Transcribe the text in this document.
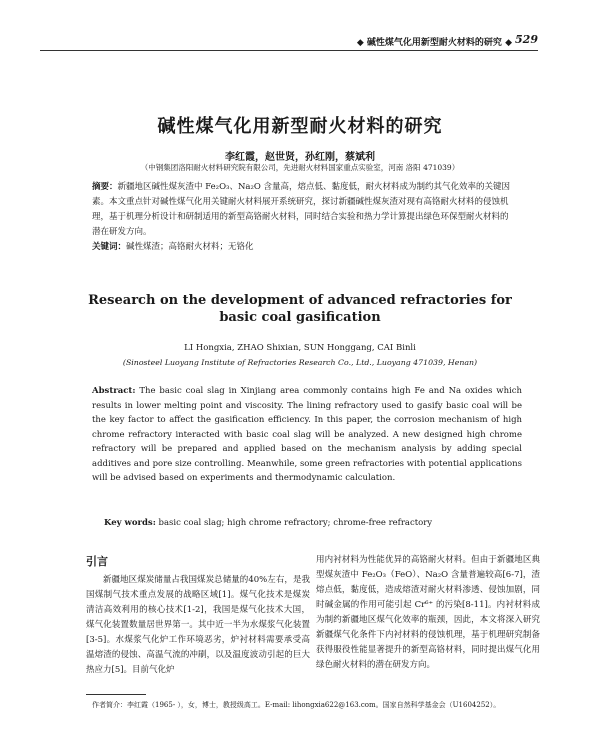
◆ 碱性煤气化用新型耐火材料的研究 ◆ 529
碱性煤气化用新型耐火材料的研究
李红霞，赵世贤，孙红刚，蔡斌利
（中钢集团洛阳耐火材料研究院有限公司，先进耐火材料国家重点实验室，河南 洛阳 471039）
摘要：新疆地区碱性煤灰渣中 Fe₂O₃、Na₂O 含量高，熔点低、黏度低，耐火材料成为制约其气化效率的关键因素。本文重点针对碱性煤气化用关键耐火材料展开系统研究，探讨新疆碱性煤灰渣对现有高铬耐火材料的侵蚀机理，基于机理分析设计和研制适用的新型高铬耐火材料，同时结合实验和热力学计算提出绿色环保型耐火材料的潜在研发方向。
关键词：碱性煤渣；高铬耐火材料；无铬化
Research on the development of advanced refractories for
basic coal gasification
LI Hongxia, ZHAO Shixian, SUN Honggang, CAI Binli
(Sinosteel Luoyang Institute of Refractories Research Co., Ltd., Luoyang 471039, Henan)
Abstract: The basic coal slag in Xinjiang area commonly contains high Fe and Na oxides which results in lower melting point and viscosity. The lining refractory used to gasify basic coal will be the key factor to affect the gasification efficiency. In this paper, the corrosion mechanism of high chrome refractory interacted with basic coal slag will be analyzed. A new designed high chrome refractory will be prepared and applied based on the mechanism analysis by adding special additives and pore size controlling. Meanwhile, some green refractories with potential applications will be advised based on experiments and thermodynamic calculation.
Key words: basic coal slag; high chrome refractory; chrome-free refractory
引言

新疆地区煤炭储量占我国煤炭总储量的40%左右，是我国煤制气技术重点发展的战略区域[1]。煤气化技术是煤炭清洁高效利用的核心技术[1-2]，我国是煤气化技术大国，煤气化装置数量居世界第一。其中近一半为水煤浆气化装置[3-5]。水煤浆气化炉工作环境恶劣，炉衬材料需要承受高温熔渣的侵蚀、高温气流的冲刷，以及温度波动引起的巨大热应力[5]。目前气化炉

用内衬材料为性能优异的高铬耐火材料。但由于新疆地区典型煤灰渣中 Fe₂O₃（FeO）、Na₂O 含量普遍较高[6-7]，渣熔点低，黏度低，造成熔渣对耐火材料渗透、侵蚀加剧，同时碱金属的作用可能引起 Cr⁶⁺ 的污染[8-11]。内衬材料成为制约新疆地区煤气化效率的瓶颈，因此，本文将深入研究新疆煤气化条件下内衬材料的侵蚀机理，基于机理研究制备获得服役性能显著提升的新型高铬材料，同时提出煤气化用绿色耐火材料的潜在研发方向。

作者简介：李红霞（1965- ），女，博士，教授级高工。E-mail: lihongxia622@163.com。国家自然科学基金会（U1604252）。
